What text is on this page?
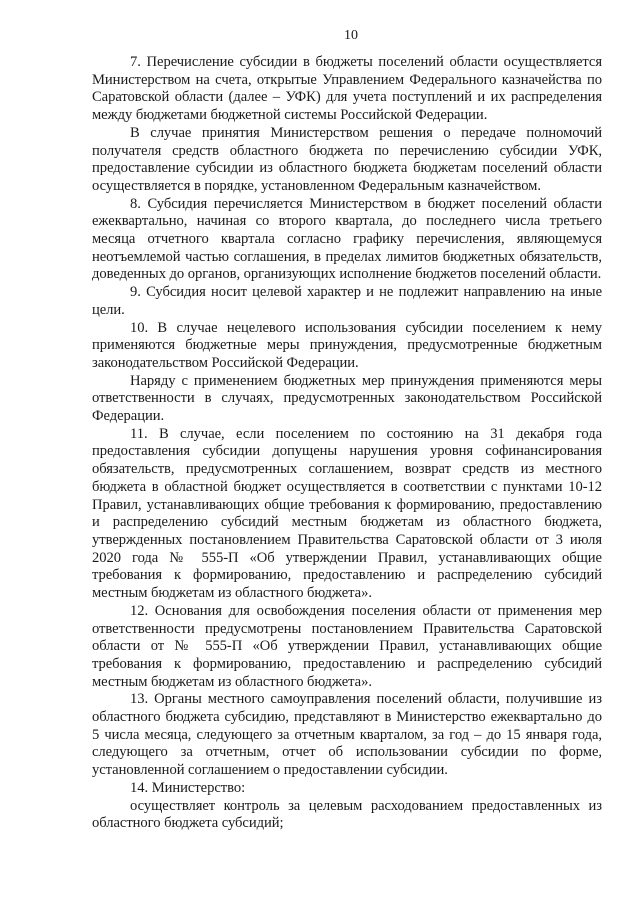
10

7. Перечисление субсидии в бюджеты поселений области осуществляется Министерством на счета, открытые Управлением Федерального казначейства по Саратовской области (далее – УФК) для учета поступлений и их распределения между бюджетами бюджетной системы Российской Федерации.

В случае принятия Министерством решения о передаче полномочий получателя средств областного бюджета по перечислению субсидии УФК, предоставление субсидии из областного бюджета бюджетам поселений области осуществляется в порядке, установленном Федеральным казначейством.

8. Субсидия перечисляется Министерством в бюджет поселений области ежеквартально, начиная со второго квартала, до последнего числа третьего месяца отчетного квартала согласно графику перечисления, являющемуся неотъемлемой частью соглашения, в пределах лимитов бюджетных обязательств, доведенных до органов, организующих исполнение бюджетов поселений области.

9. Субсидия носит целевой характер и не подлежит направлению на иные цели.

10. В случае нецелевого использования субсидии поселением к нему применяются бюджетные меры принуждения, предусмотренные бюджетным законодательством Российской Федерации.

Наряду с применением бюджетных мер принуждения применяются меры ответственности в случаях, предусмотренных законодательством Российской Федерации.

11. В случае, если поселением по состоянию на 31 декабря года предоставления субсидии допущены нарушения уровня софинансирования обязательств, предусмотренных соглашением, возврат средств из местного бюджета в областной бюджет осуществляется в соответствии с пунктами 10-12 Правил, устанавливающих общие требования к формированию, предоставлению и распределению субсидий местным бюджетам из областного бюджета, утвержденных постановлением Правительства Саратовской области от 3 июля 2020 года № 555-П «Об утверждении Правил, устанавливающих общие требования к формированию, предоставлению и распределению субсидий местным бюджетам из областного бюджета».

12. Основания для освобождения поселения области от применения мер ответственности предусмотрены постановлением Правительства Саратовской области от № 555-П «Об утверждении Правил, устанавливающих общие требования к формированию, предоставлению и распределению субсидий местным бюджетам из областного бюджета».

13. Органы местного самоуправления поселений области, получившие из областного бюджета субсидию, представляют в Министерство ежеквартально до 5 числа месяца, следующего за отчетным кварталом, за год – до 15 января года, следующего за отчетным, отчет об использовании субсидии по форме, установленной соглашением о предоставлении субсидии.

14. Министерство:

осуществляет контроль за целевым расходованием предоставленных из областного бюджета субсидий;
